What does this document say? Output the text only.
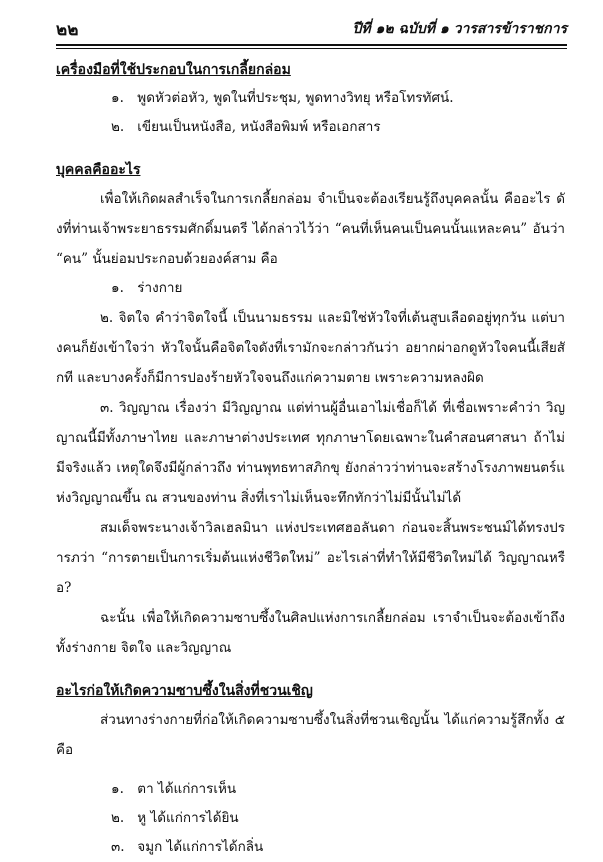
๒๒	ปีที่ ๑๒ ฉบับที่ ๑ วารสารข้าราชการ

เครื่องมือที่ใช้ประกอบในการเกลี้ยกล่อม

๑. พูดหัวต่อหัว, พูดในที่ประชุม, พูดทางวิทยุ หรือโทรทัศน์.

๒. เขียนเป็นหนังสือ, หนังสือพิมพ์ หรือเอกสาร

บุคคลคืออะไร

เพื่อให้เกิดผลสำเร็จในการเกลี้ยกล่อม จำเป็นจะต้องเรียนรู้ถึงบุคคลนั้น คืออะไร ดังที่ท่านเจ้าพระยาธรรมศักดิ์มนตรี ได้กล่าวไว้ว่า “คนที่เห็นคนเป็นคนนั้นแหละคน” อันว่า “คน” นั้นย่อมประกอบด้วยองค์สาม คือ

๑. ร่างกาย

๒. จิตใจ คำว่าจิตใจนี้ เป็นนามธรรม และมิใช่หัวใจที่เต้นสูบเลือดอยู่ทุกวัน แต่บางคนก็ยังเข้าใจว่า หัวใจนั้นคือจิตใจดังที่เรามักจะกล่าวกันว่า อยากผ่าอกดูหัวใจคนนี้เสียสักที และบางครั้งก็มีการปองร้ายหัวใจจนถึงแก่ความตาย เพราะความหลงผิด

๓. วิญญาณ เรื่องว่า มีวิญญาณ แต่ท่านผู้อื่นเอาไม่เชื่อก็ได้ ที่เชื่อเพราะคำว่า วิญญาณนี้มีทั้งภาษาไทย และภาษาต่างประเทศ ทุกภาษาโดยเฉพาะในคำสอนศาสนา ถ้าไม่มีจริงแล้ว เหตุใดจึงมีผู้กล่าวถึง ท่านพุทธทาสภิกขุ ยังกล่าวว่าท่านจะสร้างโรงภาพยนตร์แห่งวิญญาณขึ้น ณ สวนของท่าน สิ่งที่เราไม่เห็นจะทึกทักว่าไม่มีนั้นไม่ได้

สมเด็จพระนางเจ้าวิลเฮลมินา แห่งประเทศฮอลันดา ก่อนจะสิ้นพระชนม์ได้ทรงปรารภว่า “การตายเป็นการเริ่มต้นแห่งชีวิตใหม่” อะไรเล่าที่ทำให้มีชีวิตใหม่ได้ วิญญาณหรือ?

ฉะนั้น เพื่อให้เกิดความซาบซึ้งในศิลปแห่งการเกลี้ยกล่อม เราจำเป็นจะต้องเข้าถึงทั้งร่างกาย จิตใจ และวิญญาณ

อะไรก่อให้เกิดความซาบซึ้งในสิ่งที่ชวนเชิญ

ส่วนทางร่างกายที่ก่อให้เกิดความซาบซึ้งในสิ่งที่ชวนเชิญนั้น ได้แก่ความรู้สึกทั้ง ๕ คือ

๑. ตา ได้แก่การเห็น

๒. หู ได้แก่การได้ยิน

๓. จมูก ได้แก่การได้กลิ่น
